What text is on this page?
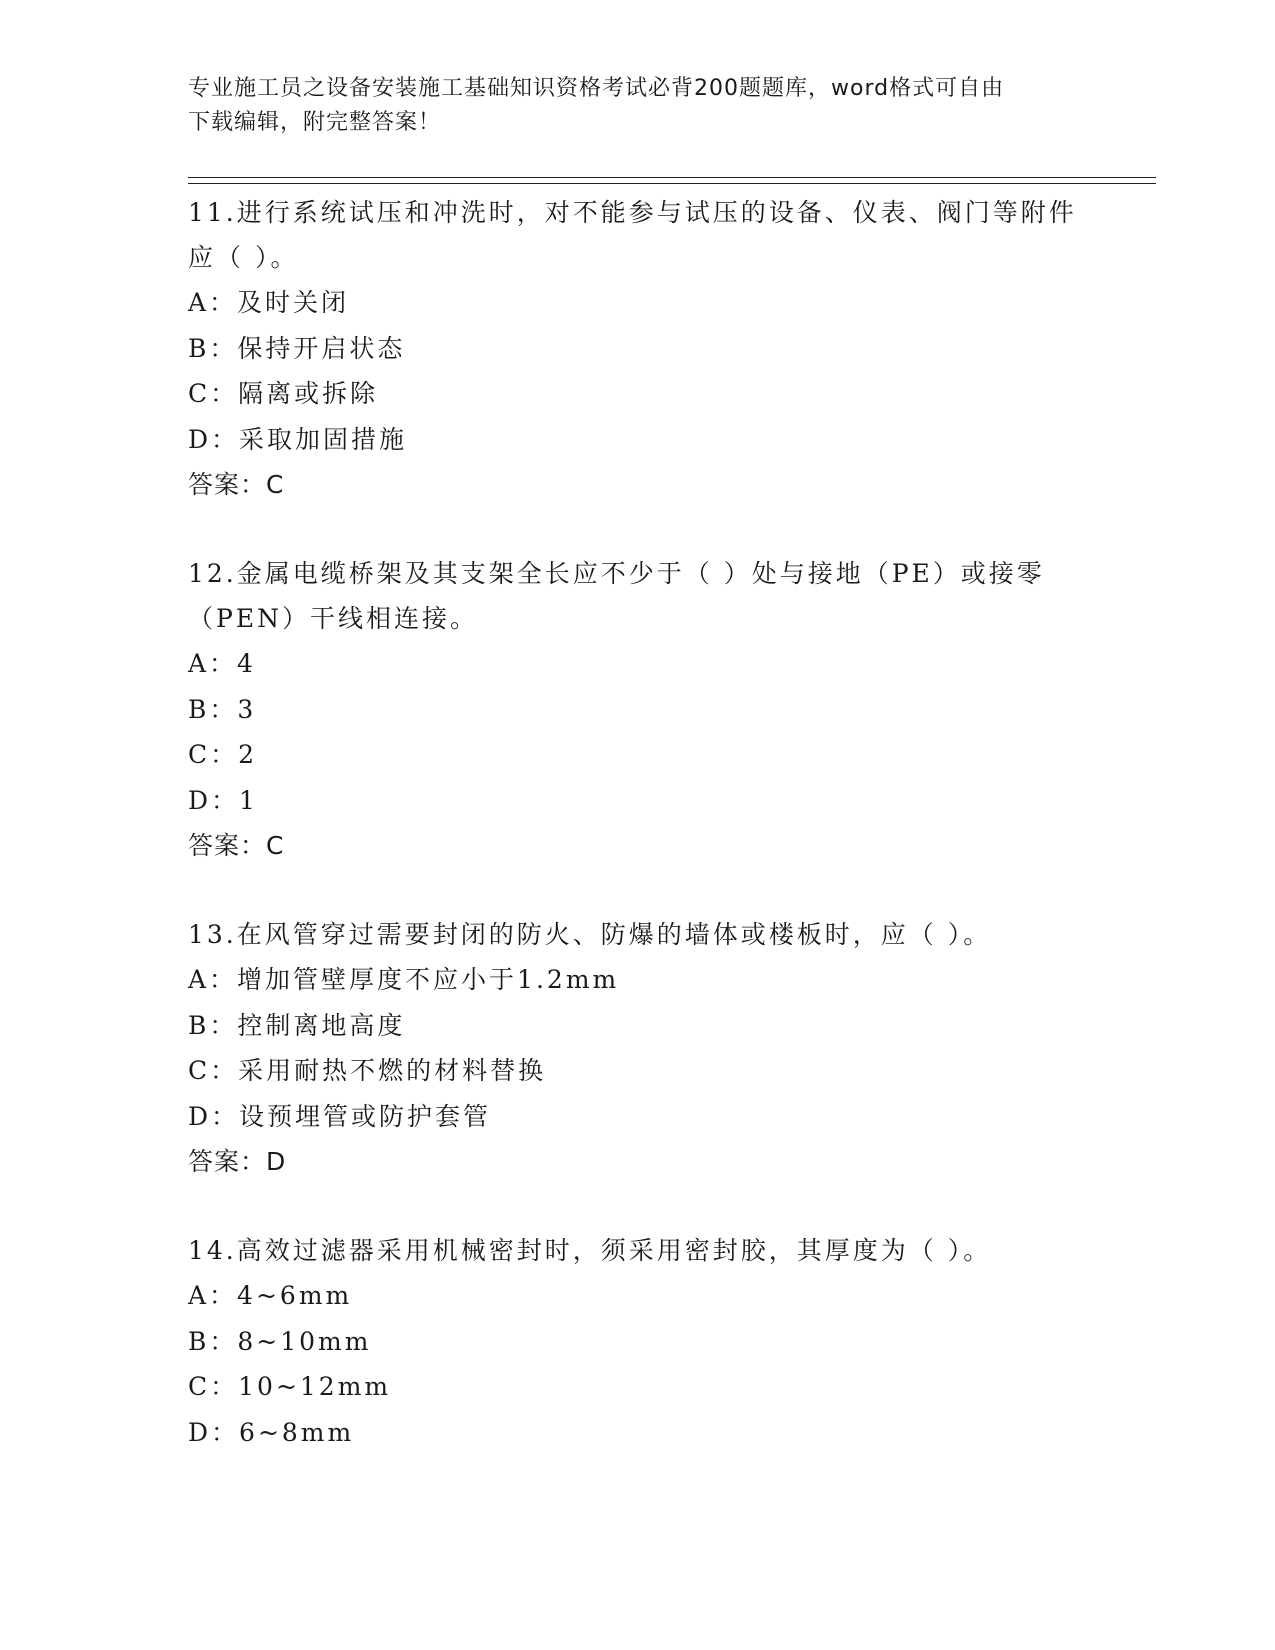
专业施工员之设备安装施工基础知识资格考试必背200题题库，word格式可自由
下载编辑，附完整答案！

11.进行系统试压和冲洗时，对不能参与试压的设备、仪表、阀门等附件应（ ）。

A：及时关闭
B：保持开启状态
C：隔离或拆除
D：采取加固措施
答案：C

12.金属电缆桥架及其支架全长应不少于（ ）处与接地（PE）或接零（PEN）干线相连接。

A：4
B：3
C：2
D：1
答案：C

13.在风管穿过需要封闭的防火、防爆的墙体或楼板时，应（ ）。

A：增加管壁厚度不应小于1.2mm
B：控制离地高度
C：采用耐热不燃的材料替换
D：设预埋管或防护套管
答案：D

14.高效过滤器采用机械密封时，须采用密封胶，其厚度为（ ）。

A：4~6mm
B：8~10mm
C：10~12mm
D：6~8mm
